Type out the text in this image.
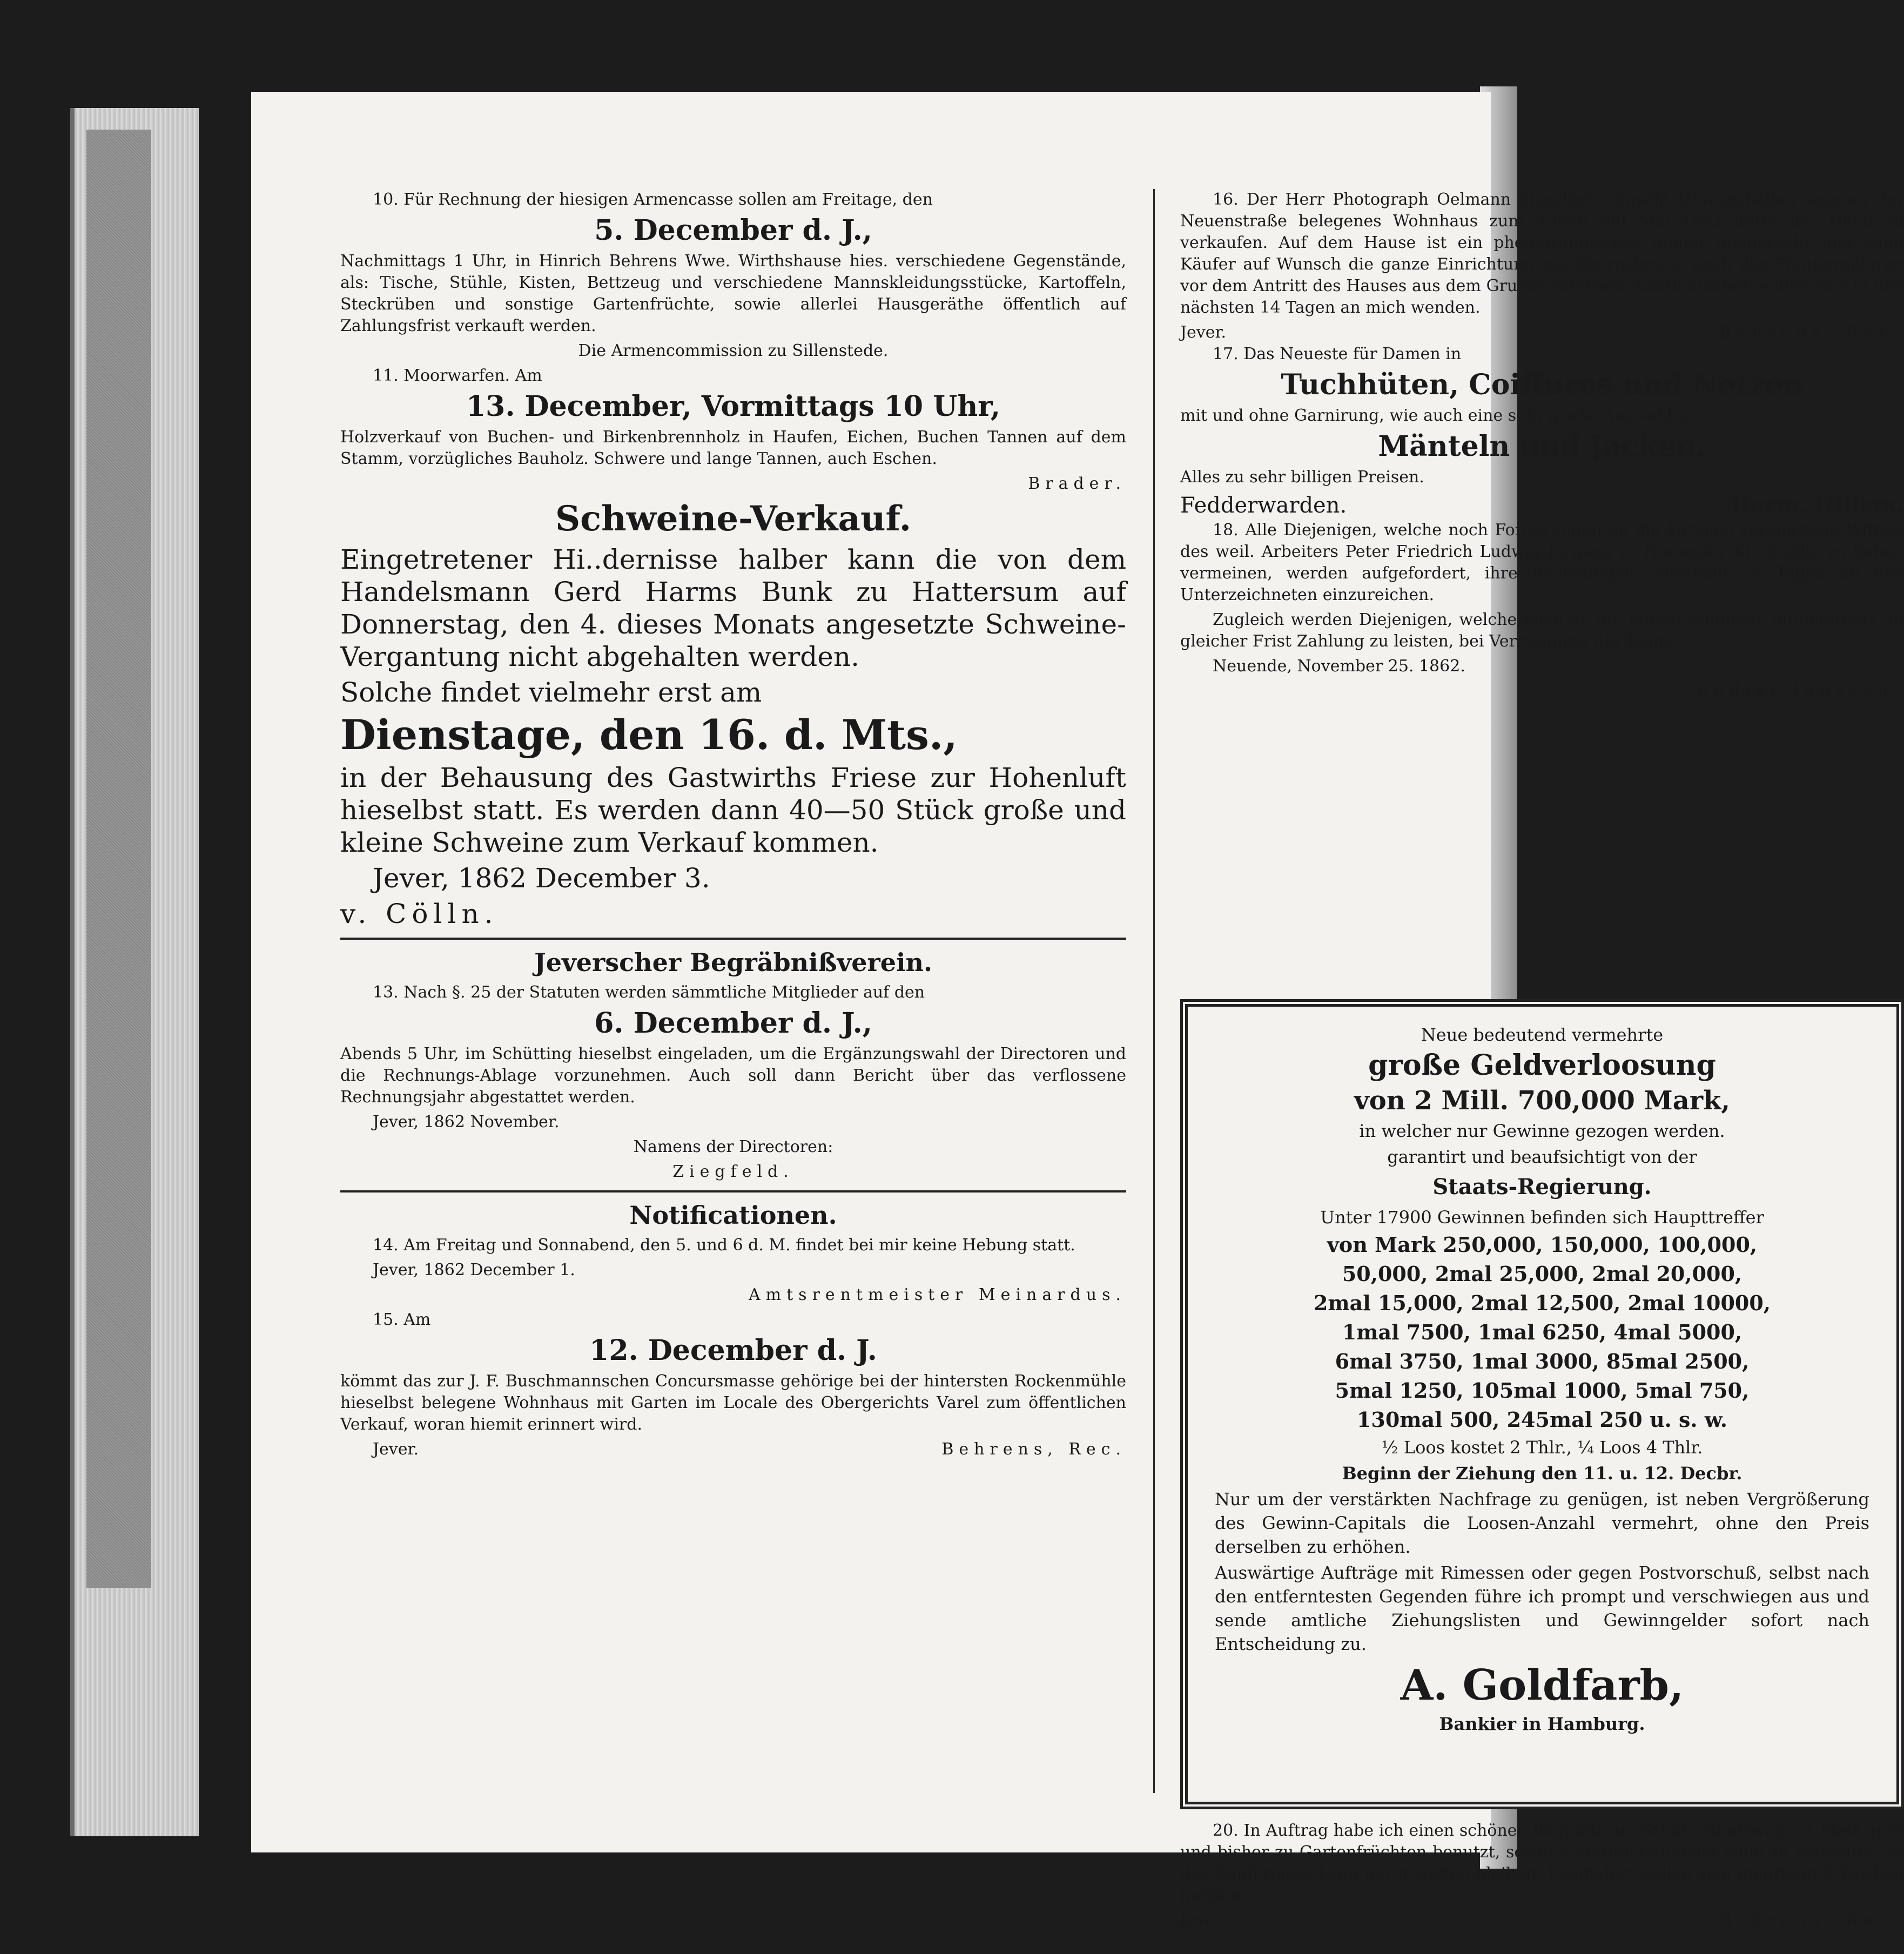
10. Für Rechnung der hiesigen Armencasse sollen am Freitage, den

5. December d. J.,

Nachmittags 1 Uhr, in Hinrich Behrens Wwe. Wirthshause hies. verschiedene Gegenstände, als: Tische, Stühle, Kisten, Bettzeug und verschiedene Mannskleidungsstücke, Kartoffeln, Steckrüben und sonstige Gartenfrüchte, sowie allerlei Hausgeräthe öffentlich auf Zahlungsfrist verkauft werden.

Die Armencommission zu Sillenstede.

11. Moorwarfen. Am

13. December, Vormittags 10 Uhr,

Holzverkauf von Buchen- und Birkenbrennholz in Haufen, Eichen, Buchen Tannen auf dem Stamm, vorzügliches Bauholz. Schwere und lange Tannen, auch Eschen.

Brader.

Schweine-Verkauf.

Eingetretener Hi..dernisse halber kann die von dem Handelsmann Gerd Harms Bunk zu Hattersum auf Donnerstag, den 4. dieses Monats angesetzte Schweine-Vergantung nicht abgehalten werden.

Solche findet vielmehr erst am

Dienstage, den 16. d. Mts.,

in der Behausung des Gastwirths Friese zur Hohenluft hieselbst statt. Es werden dann 40—50 Stück große und kleine Schweine zum Verkauf kommen.

Jever, 1862 December 3.

v. Cölln.

Jeverscher Begräbnißverein.

13. Nach §. 25 der Statuten werden sämmtliche Mitglieder auf den

6. December d. J.,

Abends 5 Uhr, im Schütting hieselbst eingeladen, um die Ergänzungswahl der Directoren und die Rechnungs-Ablage vorzunehmen. Auch soll dann Bericht über das verflossene Rechnungsjahr abgestattet werden.

Jever, 1862 November.

Namens der Directoren:

Ziegfeld.

Notificationen.

14. Am Freitag und Sonnabend, den 5. und 6 d. M. findet bei mir keine Hebung statt.

Jever, 1862 December 1.

Amtsrentmeister Meinardus.

15. Am

12. December d. J.

kömmt das zur J. F. Buschmannschen Concursmasse gehörige bei der hintersten Rockenmühle hieselbst belegene Wohnhaus mit Garten im Locale des Obergerichts Varel zum öffentlichen Verkauf, woran hiemit erinnert wird.

Jever.	Behrens, Rec.

16. Der Herr Photograph Oelmann hieselbst wünscht Umzugshalber sein an der Neuenstraße belegenes Wohnhaus zum Antritt auf Mai 1863 unter der Hand zu verkaufen. Auf dem Hause ist ein photographisches Atelier angebracht und kann Käufer auf Wunsch die ganze Einrichtung mit übernehmen, auch das Photographiren vor dem Antritt des Hauses aus dem Grunde erlernen. Kaufliebhaber wollen sich in den nächsten 14 Tagen an mich wenden.

Jever.	Behrens, Rec.

17. Das Neueste für Damen in

Tuchhüten, Coiffures und Netzen

mit und ohne Garnirung, wie auch eine sehr große Auswahl in

Mänteln und Jacken.

Alles zu sehr billigen Preisen.

Fedderwarden.	Herm. Hillers.

18. Alle Diejenigen, welche noch Forderungen an die kürzlich verstorbene Wittwe des weil. Arbeiters Peter Friedrich Ludwig Jürgens zu Neuender Kirchreihe zu haben vermeinen, werden aufgefordert, ihre Rechnungen innerhalb 14 Tagen an den Unterzeichneten einzureichen.

Zugleich werden Diejenigen, welche noch an die Masse schulden, aufgefordert, in gleicher Frist Zahlung zu leisten, bei Vermeidung der Klage.

Neuende, November 25. 1862.

Redlef Janssen.

Neue bedeutend vermehrte

große Geldverloosung

von 2 Mill. 700,000 Mark,

in welcher nur Gewinne gezogen werden.

garantirt und beaufsichtigt von der

Staats-Regierung.

Unter 17900 Gewinnen befinden sich Haupttreffer

von Mark 250,000, 150,000, 100,000,

50,000, 2mal 25,000, 2mal 20,000,

2mal 15,000, 2mal 12,500, 2mal 10000,

1mal 7500, 1mal 6250, 4mal 5000,

6mal 3750, 1mal 3000, 85mal 2500,

5mal 1250, 105mal 1000, 5mal 750,

130mal 500, 245mal 250 u. s. w.

½ Loos kostet 2 Thlr., ¼ Loos 4 Thlr.

Beginn der Ziehung den 11. u. 12. Decbr.

Nur um der verstärkten Nachfrage zu genügen, ist neben Vergrößerung des Gewinn-Capitals die Loosen-Anzahl vermehrt, ohne den Preis derselben zu erhöhen.

Auswärtige Aufträge mit Rimessen oder gegen Postvorschuß, selbst nach den entferntesten Gegenden führe ich prompt und verschwiegen aus und sende amtliche Ziehungslisten und Gewinngelder sofort nach Entscheidung zu.

A. Goldfarb,

Bankier in Hamburg.

20. In Auftrag habe ich einen schönen Bauplatz am Schützenhofswege, 1 Matt groß und bisher zu Gartenfrüchten benutzt, sowie 5 Matten Grünland billig zu verkaufen. ⅔ des Kaufpreises kann darin stehen bleiben. Liebhaber wollen sich innerhalb 3 Wochen melden.

Jever.	Behrens, Rec.
